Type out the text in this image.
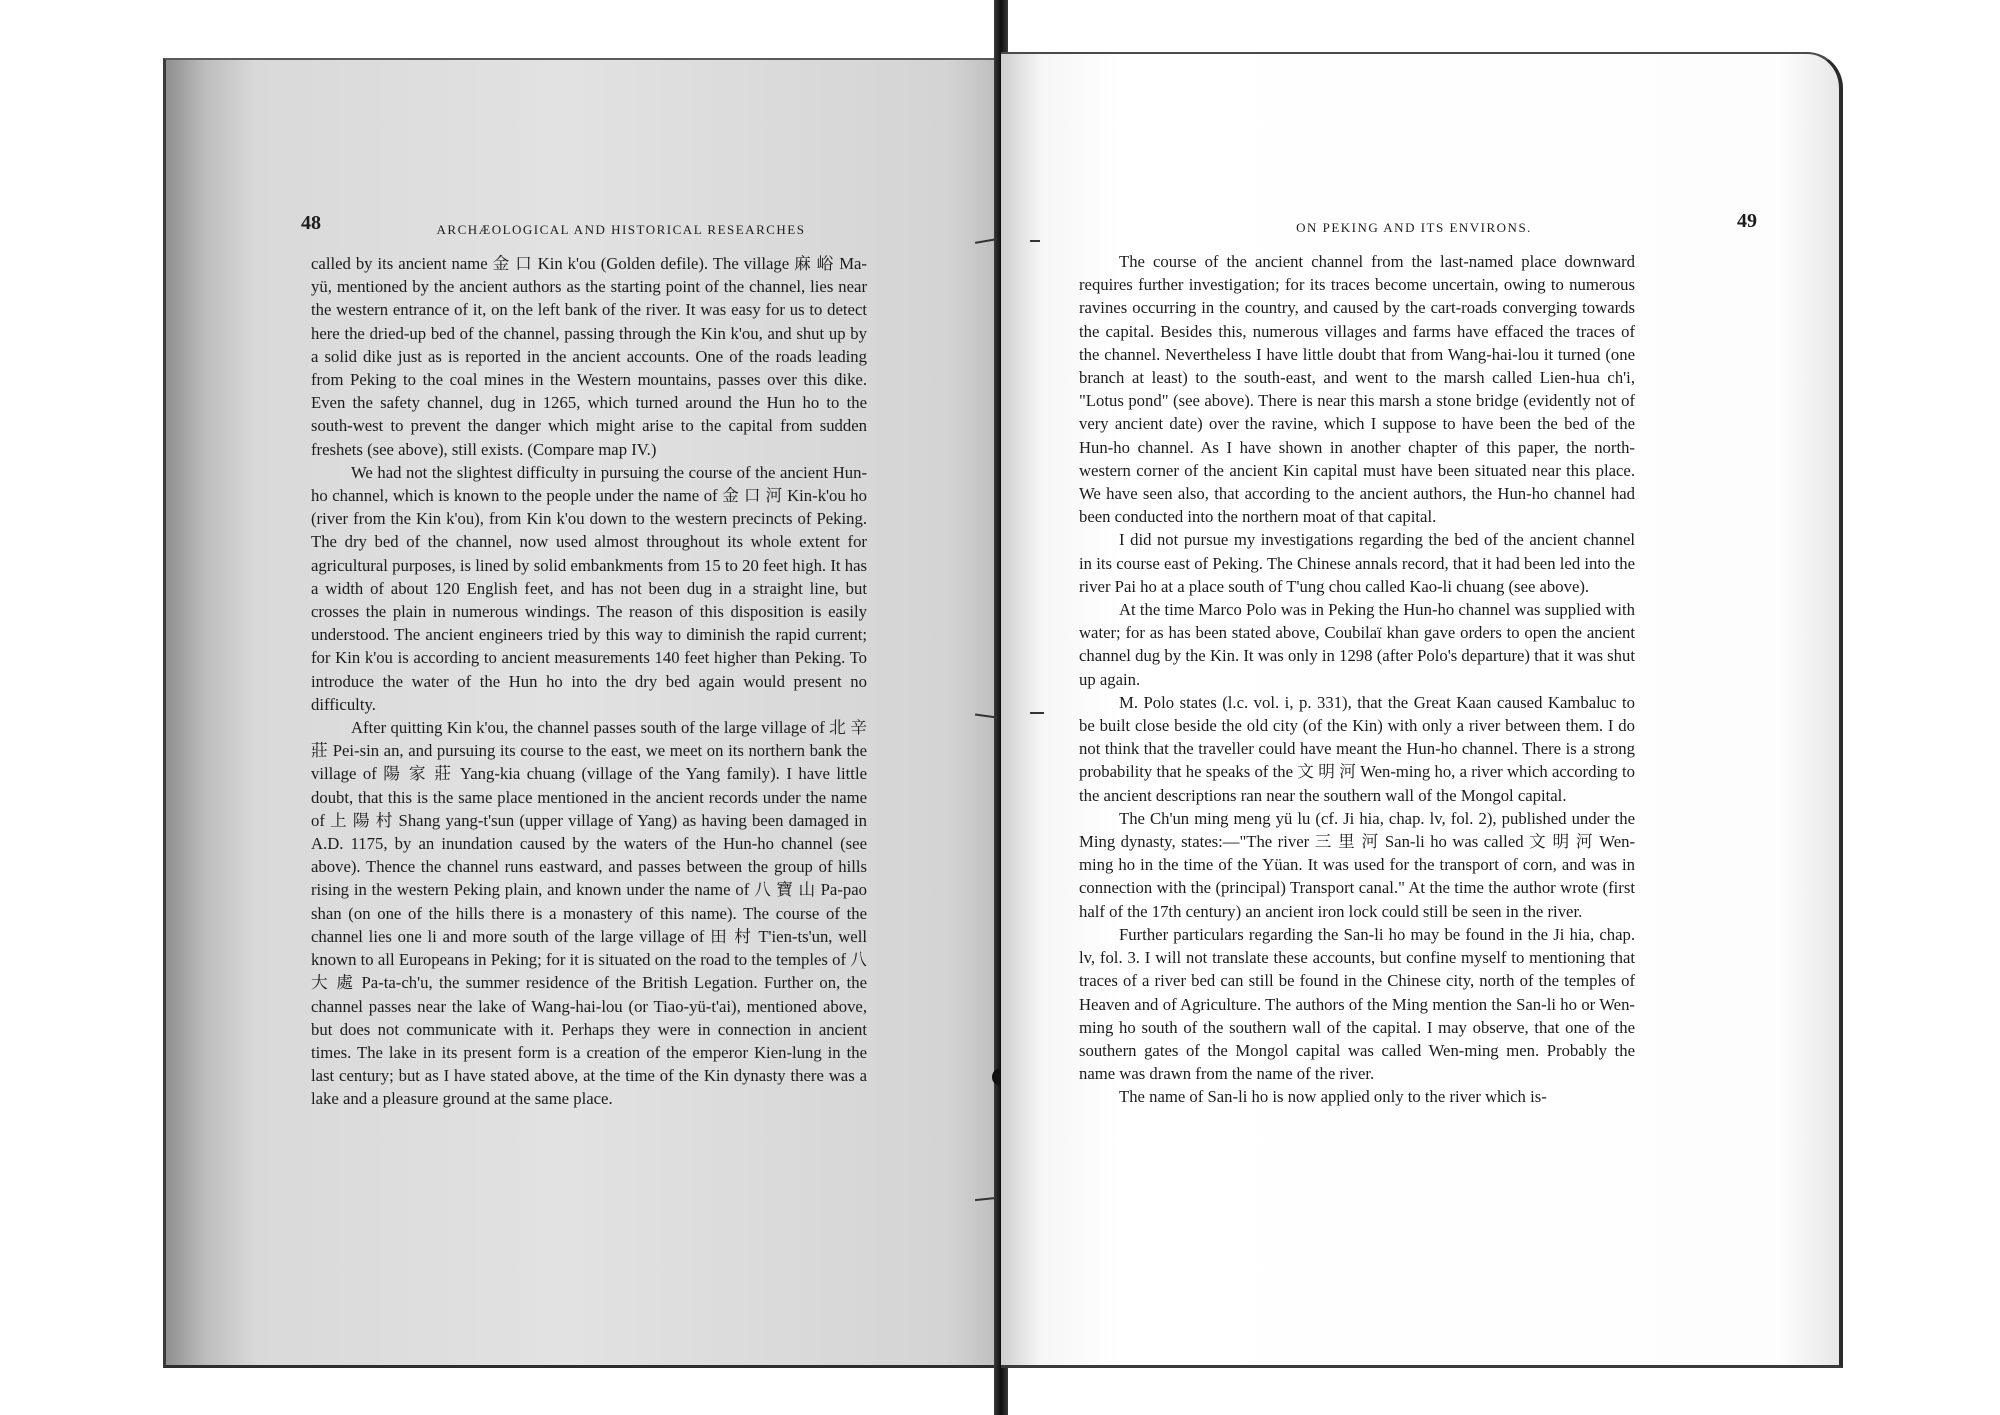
48	ARCHÆOLOGICAL AND HISTORICAL RESEARCHES

called by its ancient name 金 口 Kin k'ou (Golden defile). The village 麻 峪 Ma-yü, mentioned by the ancient authors as the starting point of the channel, lies near the western entrance of it, on the left bank of the river. It was easy for us to detect here the dried-up bed of the channel, passing through the Kin k'ou, and shut up by a solid dike just as is reported in the ancient accounts. One of the roads leading from Peking to the coal mines in the Western mountains, passes over this dike. Even the safety channel, dug in 1265, which turned around the Hun ho to the south-west to prevent the danger which might arise to the capital from sudden freshets (see above), still exists. (Compare map IV.)

We had not the slightest difficulty in pursuing the course of the ancient Hun-ho channel, which is known to the people under the name of 金 口 河 Kin-k'ou ho (river from the Kin k'ou), from Kin k'ou down to the western precincts of Peking. The dry bed of the channel, now used almost throughout its whole extent for agricultural purposes, is lined by solid embankments from 15 to 20 feet high. It has a width of about 120 English feet, and has not been dug in a straight line, but crosses the plain in numerous windings. The reason of this disposition is easily understood. The ancient engineers tried by this way to diminish the rapid current; for Kin k'ou is according to ancient measurements 140 feet higher than Peking. To introduce the water of the Hun ho into the dry bed again would present no difficulty.

After quitting Kin k'ou, the channel passes south of the large village of 北 辛 莊 Pei-sin an, and pursuing its course to the east, we meet on its northern bank the village of 陽 家 莊 Yang-kia chuang (village of the Yang family). I have little doubt, that this is the same place mentioned in the ancient records under the name of 上 陽 村 Shang yang-t'sun (upper village of Yang) as having been damaged in A.D. 1175, by an inundation caused by the waters of the Hun-ho channel (see above). Thence the channel runs eastward, and passes between the group of hills rising in the western Peking plain, and known under the name of 八 寶 山 Pa-pao shan (on one of the hills there is a monastery of this name). The course of the channel lies one li and more south of the large village of 田 村 T'ien-ts'un, well known to all Europeans in Peking; for it is situated on the road to the temples of 八 大 處 Pa-ta-ch'u, the summer residence of the British Legation. Further on, the channel passes near the lake of Wang-hai-lou (or Tiao-yü-t'ai), mentioned above, but does not communicate with it. Perhaps they were in connection in ancient times. The lake in its present form is a creation of the emperor Kien-lung in the last century; but as I have stated above, at the time of the Kin dynasty there was a lake and a pleasure ground at the same place.

ON PEKING AND ITS ENVIRONS.	49

The course of the ancient channel from the last-named place downward requires further investigation; for its traces become uncertain, owing to numerous ravines occurring in the country, and caused by the cart-roads converging towards the capital. Besides this, numerous villages and farms have effaced the traces of the channel. Nevertheless I have little doubt that from Wang-hai-lou it turned (one branch at least) to the south-east, and went to the marsh called Lien-hua ch'i, "Lotus pond" (see above). There is near this marsh a stone bridge (evidently not of very ancient date) over the ravine, which I suppose to have been the bed of the Hun-ho channel. As I have shown in another chapter of this paper, the north-western corner of the ancient Kin capital must have been situated near this place. We have seen also, that according to the ancient authors, the Hun-ho channel had been conducted into the northern moat of that capital.

I did not pursue my investigations regarding the bed of the ancient channel in its course east of Peking. The Chinese annals record, that it had been led into the river Pai ho at a place south of T'ung chou called Kao-li chuang (see above).

At the time Marco Polo was in Peking the Hun-ho channel was supplied with water; for as has been stated above, Coubilaï khan gave orders to open the ancient channel dug by the Kin. It was only in 1298 (after Polo's departure) that it was shut up again.

M. Polo states (l.c. vol. i, p. 331), that the Great Kaan caused Kambaluc to be built close beside the old city (of the Kin) with only a river between them. I do not think that the traveller could have meant the Hun-ho channel. There is a strong probability that he speaks of the 文 明 河 Wen-ming ho, a river which according to the ancient descriptions ran near the southern wall of the Mongol capital.

The Ch'un ming meng yü lu (cf. Ji hia, chap. lv, fol. 2), published under the Ming dynasty, states:—"The river 三 里 河 San-li ho was called 文 明 河 Wen-ming ho in the time of the Yüan. It was used for the transport of corn, and was in connection with the (principal) Transport canal." At the time the author wrote (first half of the 17th century) an ancient iron lock could still be seen in the river.

Further particulars regarding the San-li ho may be found in the Ji hia, chap. lv, fol. 3. I will not translate these accounts, but confine myself to mentioning that traces of a river bed can still be found in the Chinese city, north of the temples of Heaven and of Agriculture. The authors of the Ming mention the San-li ho or Wen-ming ho south of the southern wall of the capital. I may observe, that one of the southern gates of the Mongol capital was called Wen-ming men. Probably the name was drawn from the name of the river.

The name of San-li ho is now applied only to the river which is-
